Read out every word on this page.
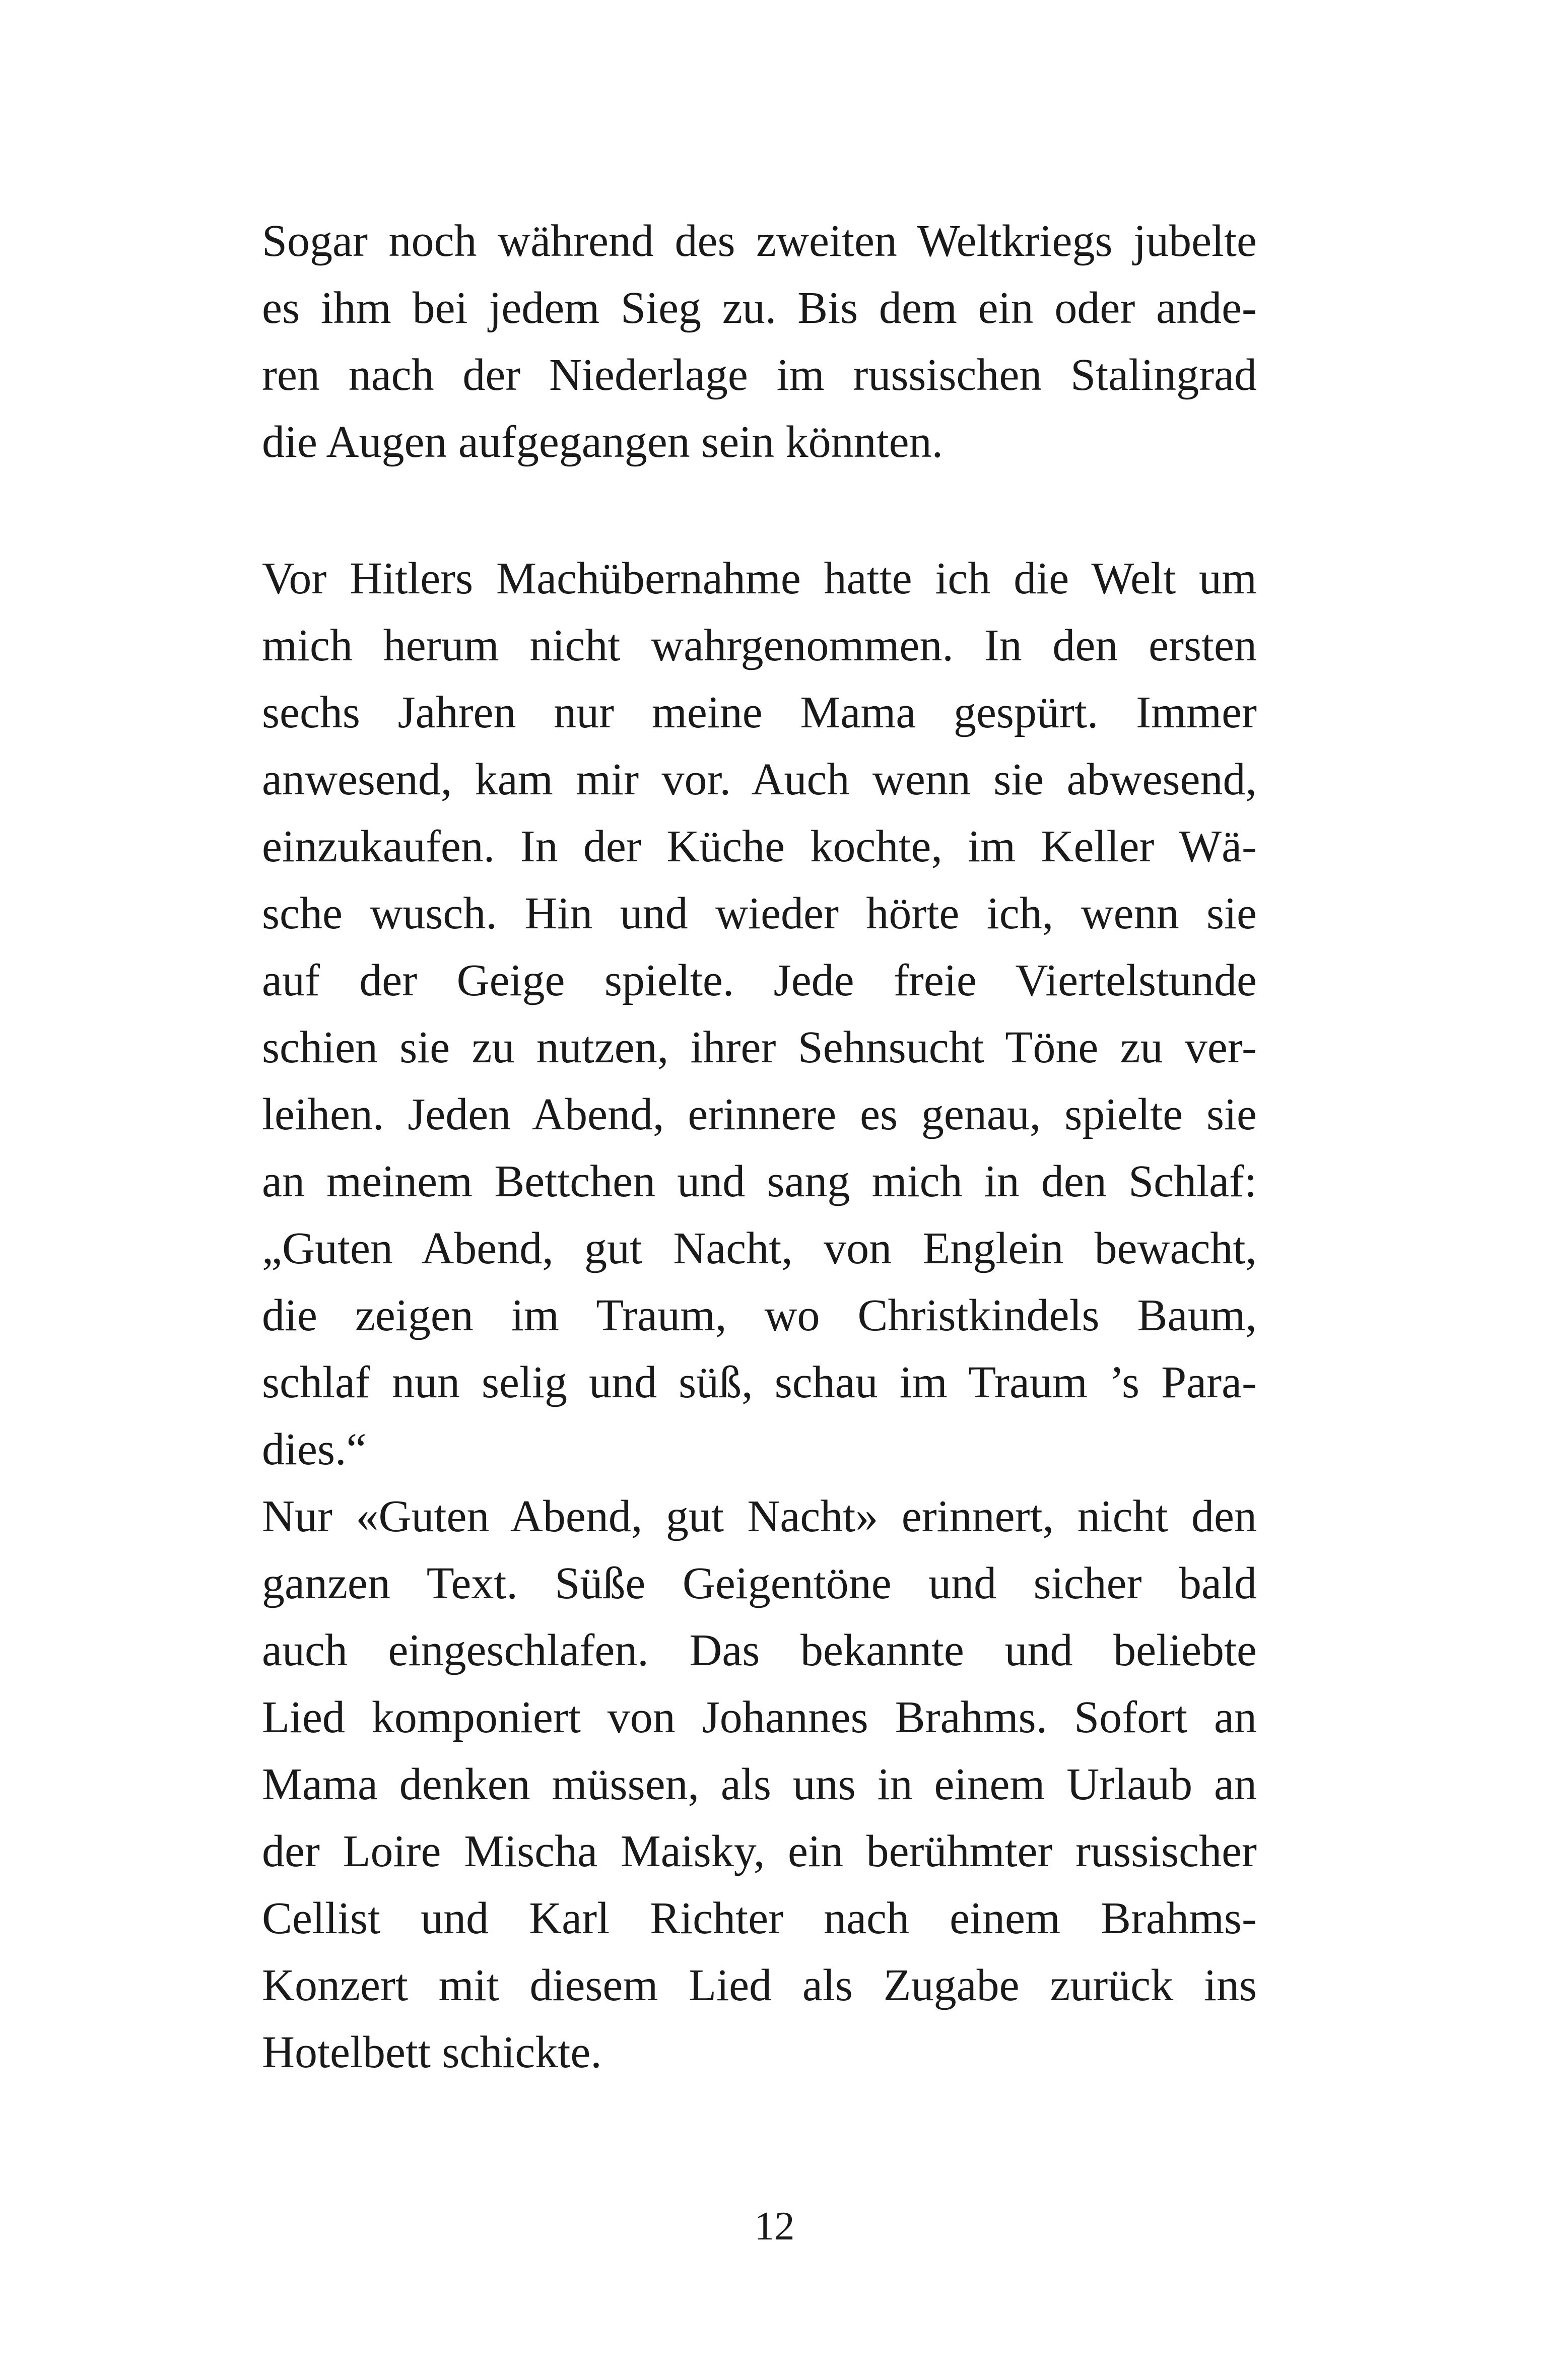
Sogar noch während des zweiten Weltkriegs jubelte
es ihm bei jedem Sieg zu. Bis dem ein oder ande-
ren nach der Niederlage im russischen Stalingrad
die Augen aufgegangen sein könnten.
Vor Hitlers Machübernahme hatte ich die Welt um
mich herum nicht wahrgenommen. In den ersten
sechs Jahren nur meine Mama gespürt. Immer
anwesend, kam mir vor. Auch wenn sie abwesend,
einzukaufen. In der Küche kochte, im Keller Wä-
sche wusch. Hin und wieder hörte ich, wenn sie
auf der Geige spielte. Jede freie Viertelstunde
schien sie zu nutzen, ihrer Sehnsucht Töne zu ver-
leihen. Jeden Abend, erinnere es genau, spielte sie
an meinem Bettchen und sang mich in den Schlaf:
„Guten Abend, gut Nacht, von Englein bewacht,
die zeigen im Traum, wo Christkindels Baum,
schlaf nun selig und süß, schau im Traum ’s Para-
dies.“
Nur «Guten Abend, gut Nacht» erinnert, nicht den
ganzen Text. Süße Geigentöne und sicher bald
auch eingeschlafen. Das bekannte und beliebte
Lied komponiert von Johannes Brahms. Sofort an
Mama denken müssen, als uns in einem Urlaub an
der Loire Mischa Maisky, ein berühmter russischer
Cellist und Karl Richter nach einem Brahms-
Konzert mit diesem Lied als Zugabe zurück ins
Hotelbett schickte.
12
